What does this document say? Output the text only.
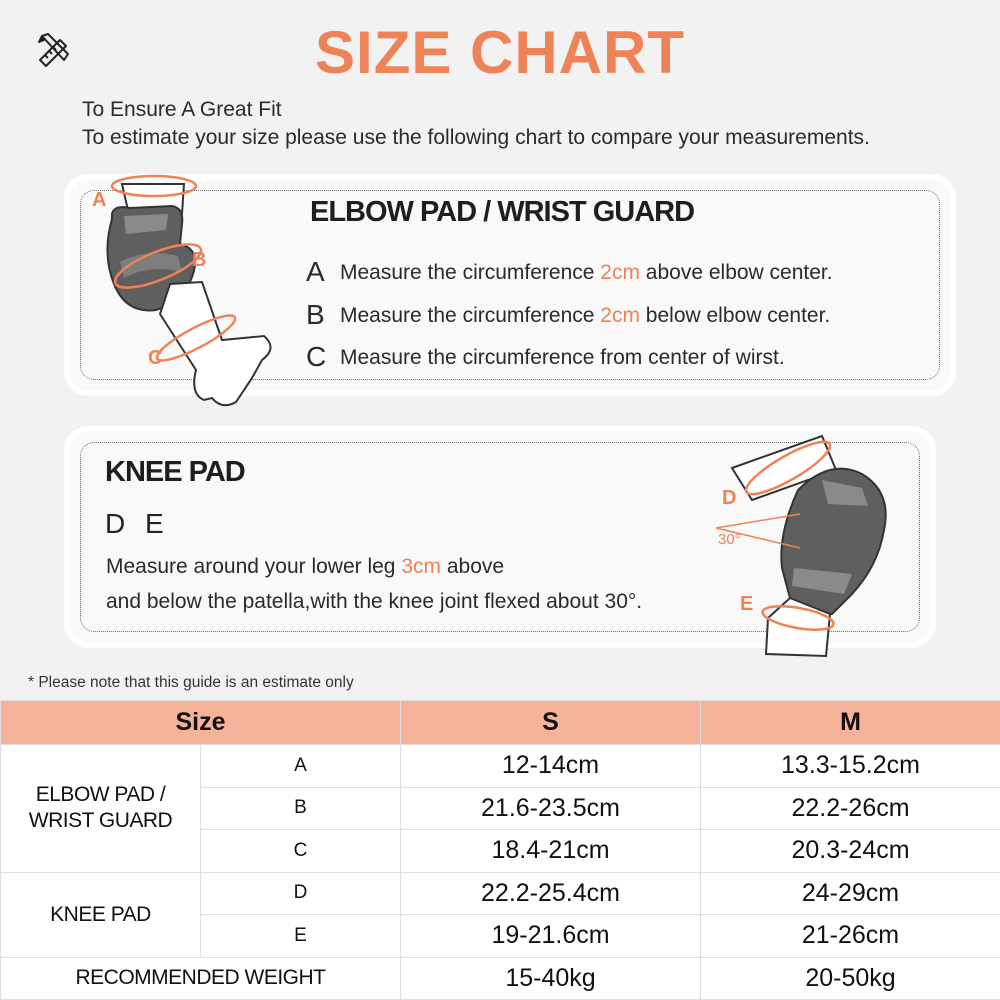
SIZE CHART
To Ensure A Great Fit
To estimate your size please use the following chart to compare your measurements.
A
B
C
ELBOW PAD / WRIST GUARD
A Measure the circumference 2cm above elbow center.
B Measure the circumference 2cm below elbow center.
C Measure the circumference from center of wirst.
KNEE PAD
D E
Measure around your lower leg 3cm above
and below the patella,with the knee joint flexed about 30°.
D
30°
E
* Please note that this guide is an estimate only
Size		S	M
ELBOW PAD / WRIST GUARD	A	12-14cm	13.3-15.2cm
	B	21.6-23.5cm	22.2-26cm
	C	18.4-21cm	20.3-24cm
KNEE PAD	D	22.2-25.4cm	24-29cm
	E	19-21.6cm	21-26cm
RECOMMENDED WEIGHT		15-40kg	20-50kg
